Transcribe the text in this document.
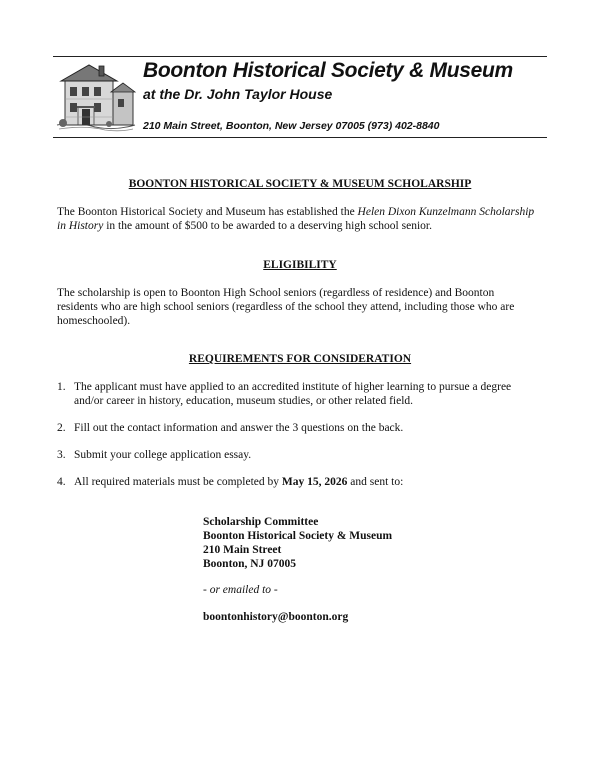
Boonton Historical Society & Museum
at the Dr. John Taylor House
210 Main Street, Boonton, New Jersey 07005 (973) 402-8840
BOONTON HISTORICAL SOCIETY & MUSEUM SCHOLARSHIP
The Boonton Historical Society and Museum has established the Helen Dixon Kunzelmann Scholarship in History in the amount of $500 to be awarded to a deserving high school senior.
ELIGIBILITY
The scholarship is open to Boonton High School seniors (regardless of residence) and Boonton residents who are high school seniors (regardless of the school they attend, including those who are homeschooled).
REQUIREMENTS FOR CONSIDERATION
1. The applicant must have applied to an accredited institute of higher learning to pursue a degree and/or career in history, education, museum studies, or other related field.
2. Fill out the contact information and answer the 3 questions on the back.
3. Submit your college application essay.
4. All required materials must be completed by May 15, 2026 and sent to:
Scholarship Committee
Boonton Historical Society & Museum
210 Main Street
Boonton, NJ 07005
- or emailed to -
boontonhistory@boonton.org
